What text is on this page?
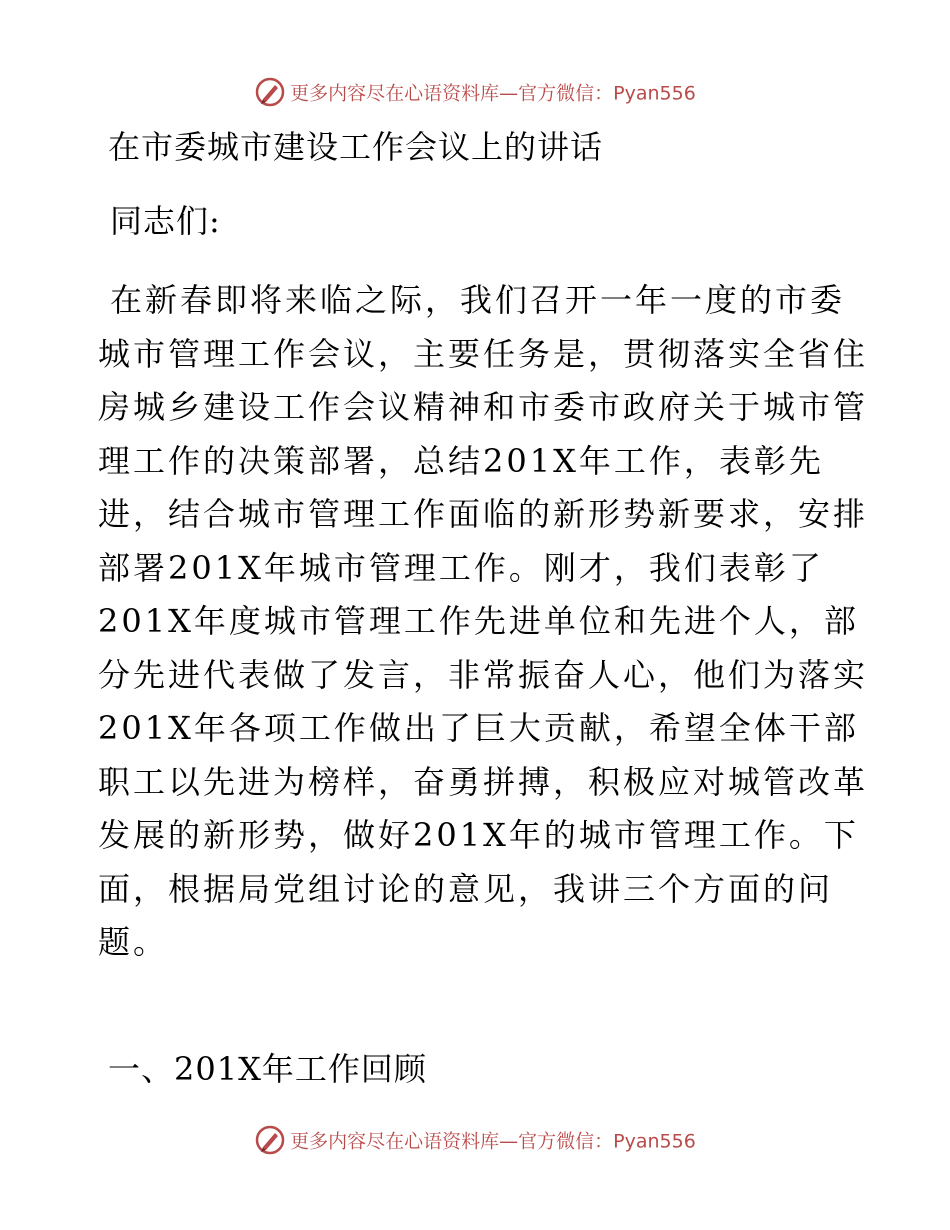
更多内容尽在心语资料库—官方微信：Pyan556
在市委城市建设工作会议上的讲话
同志们:
在新春即将来临之际，我们召开一年一度的市委城市管理工作会议，主要任务是，贯彻落实全省住房城乡建设工作会议精神和市委市政府关于城市管理工作的决策部署，总结201X年工作，表彰先进，结合城市管理工作面临的新形势新要求，安排部署201X年城市管理工作。刚才，我们表彰了201X年度城市管理工作先进单位和先进个人，部分先进代表做了发言，非常振奋人心，他们为落实201X年各项工作做出了巨大贡献，希望全体干部职工以先进为榜样，奋勇拼搏，积极应对城管改革发展的新形势，做好201X年的城市管理工作。下面，根据局党组讨论的意见，我讲三个方面的问题。
一、201X年工作回顾
更多内容尽在心语资料库—官方微信：Pyan556
